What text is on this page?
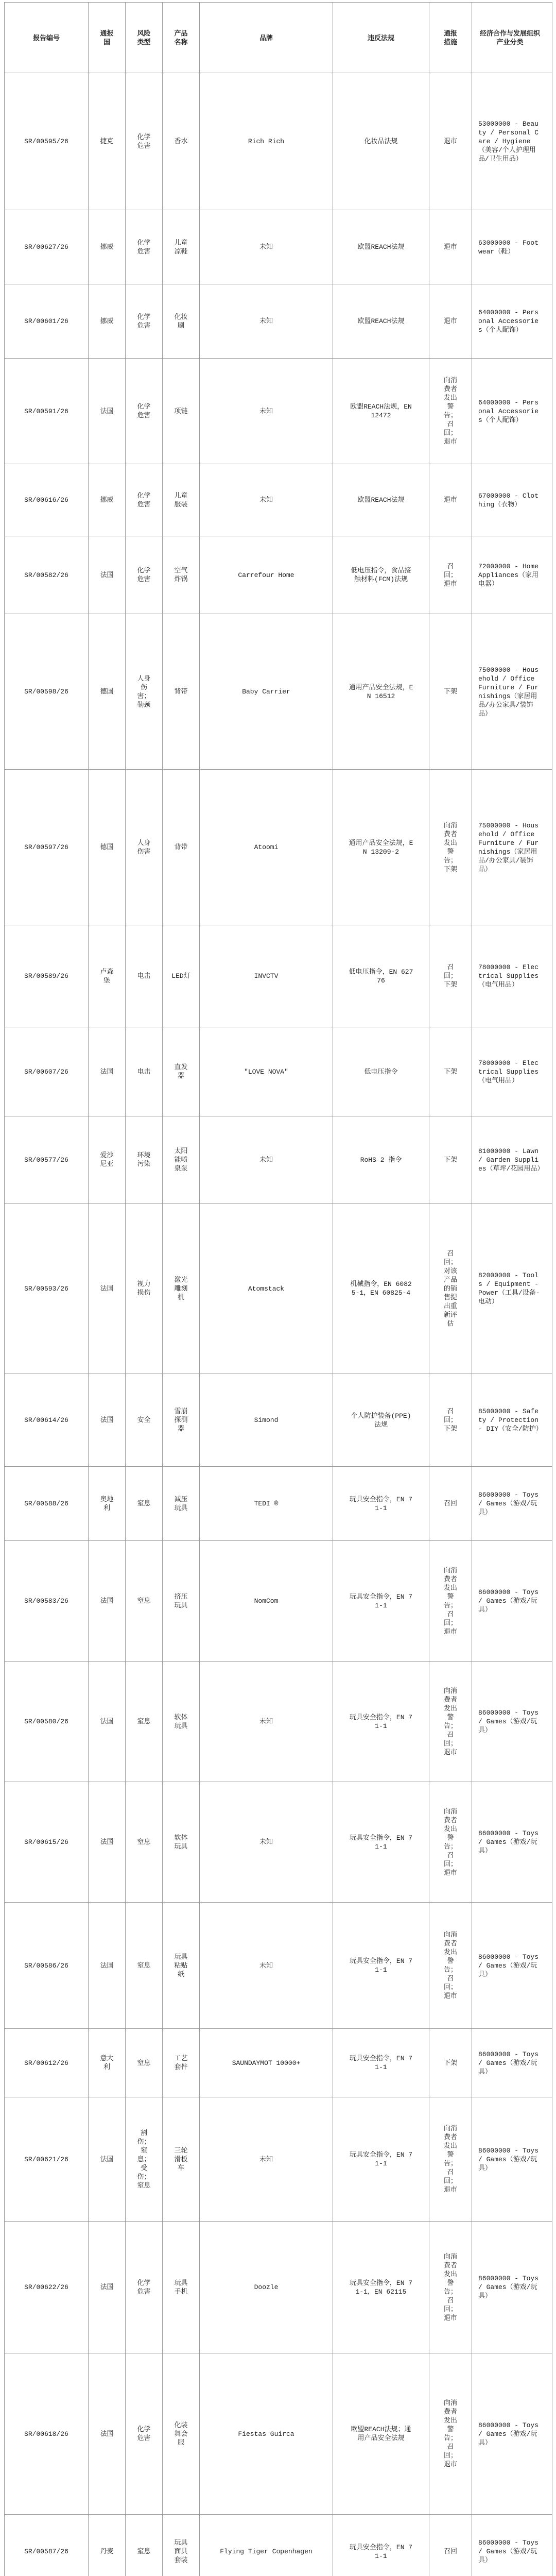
报告编号	通报国	风险类型	产品名称	品牌	违反法规	通报措施	经济合作与发展组织产业分类
SR/00595/26	捷克	化学危害	香水	Rich Rich	化妆品法规	退市	53000000 - Beauty / Personal Care / Hygiene（美容/个人护理用品/卫生用品）
SR/00627/26	挪威	化学危害	儿童凉鞋	未知	欧盟REACH法规	退市	63000000 - Footwear（鞋）
SR/00601/26	挪威	化学危害	化妆刷	未知	欧盟REACH法规	退市	64000000 - Personal Accessories（个人配饰）
SR/00591/26	法国	化学危害	项链	未知	欧盟REACH法规，EN 12472	向消费者发出警告；召回；退市	64000000 - Personal Accessories（个人配饰）
SR/00616/26	挪威	化学危害	儿童服装	未知	欧盟REACH法规	退市	67000000 - Clothing（衣物）
SR/00582/26	法国	化学危害	空气炸锅	Carrefour Home	低电压指令，食品接触材料(FCM)法规	召回；退市	72000000 - Home Appliances（家用电器）
SR/00598/26	德国	人身伤害；勒颈	背带	Baby Carrier	通用产品安全法规，EN 16512	下架	75000000 - Household / Office Furniture / Furnishings（家居用品/办公家具/装饰品）
SR/00597/26	德国	人身伤害	背带	Atoomi	通用产品安全法规，EN 13209-2	向消费者发出警告；下架	75000000 - Household / Office Furniture / Furnishings（家居用品/办公家具/装饰品）
SR/00589/26	卢森堡	电击	LED灯	INVCTV	低电压指令，EN 62776	召回；下架	78000000 - Electrical Supplies（电气用品）
SR/00607/26	法国	电击	直发器	"LOVE NOVA"	低电压指令	下架	78000000 - Electrical Supplies（电气用品）
SR/00577/26	爱沙尼亚	环境污染	太阳能喷泉泵	未知	RoHS 2 指令	下架	81000000 - Lawn / Garden Supplies（草坪/花园用品）
SR/00593/26	法国	视力损伤	激光雕刻机	Atomstack	机械指令，EN 60825-1，EN 60825-4	召回；对该产品的销售提出重新评估	82000000 - Tools / Equipment - Power（工具/设备-电动）
SR/00614/26	法国	安全	雪崩探测器	Simond	个人防护装备(PPE)法规	召回；下架	85000000 - Safety / Protection - DIY（安全/防护）
SR/00588/26	奥地利	窒息	减压玩具	TEDI ®	玩具安全指令，EN 71-1	召回	86000000 - Toys / Games（游戏/玩具）
SR/00583/26	法国	窒息	挤压玩具	NomCom	玩具安全指令，EN 71-1	向消费者发出警告；召回；退市	86000000 - Toys / Games（游戏/玩具）
SR/00580/26	法国	窒息	软体玩具	未知	玩具安全指令，EN 71-1	向消费者发出警告；召回；退市	86000000 - Toys / Games（游戏/玩具）
SR/00615/26	法国	窒息	软体玩具	未知	玩具安全指令，EN 71-1	向消费者发出警告；召回；退市	86000000 - Toys / Games（游戏/玩具）
SR/00586/26	法国	窒息	玩具粘贴纸	未知	玩具安全指令，EN 71-1	向消费者发出警告；召回；退市	86000000 - Toys / Games（游戏/玩具）
SR/00612/26	意大利	窒息	工艺套件	SAUNDAYMOT 10000+	玩具安全指令，EN 71-1	下架	86000000 - Toys / Games（游戏/玩具）
SR/00621/26	法国	割伤；窒息；受伤；窒息	三轮滑板车	未知	玩具安全指令，EN 71-1	向消费者发出警告；召回；退市	86000000 - Toys / Games（游戏/玩具）
SR/00622/26	法国	化学危害	玩具手机	Doozle	玩具安全指令，EN 71-1，EN 62115	向消费者发出警告；召回；退市	86000000 - Toys / Games（游戏/玩具）
SR/00618/26	法国	化学危害	化装舞会服	Fiestas Guirca	欧盟REACH法规；通用产品安全法规	向消费者发出警告；召回；退市	86000000 - Toys / Games（游戏/玩具）
SR/00587/26	丹麦	窒息	玩具面具套装	Flying Tiger Copenhagen	玩具安全指令，EN 71-1	召回	86000000 - Toys / Games（游戏/玩具）
